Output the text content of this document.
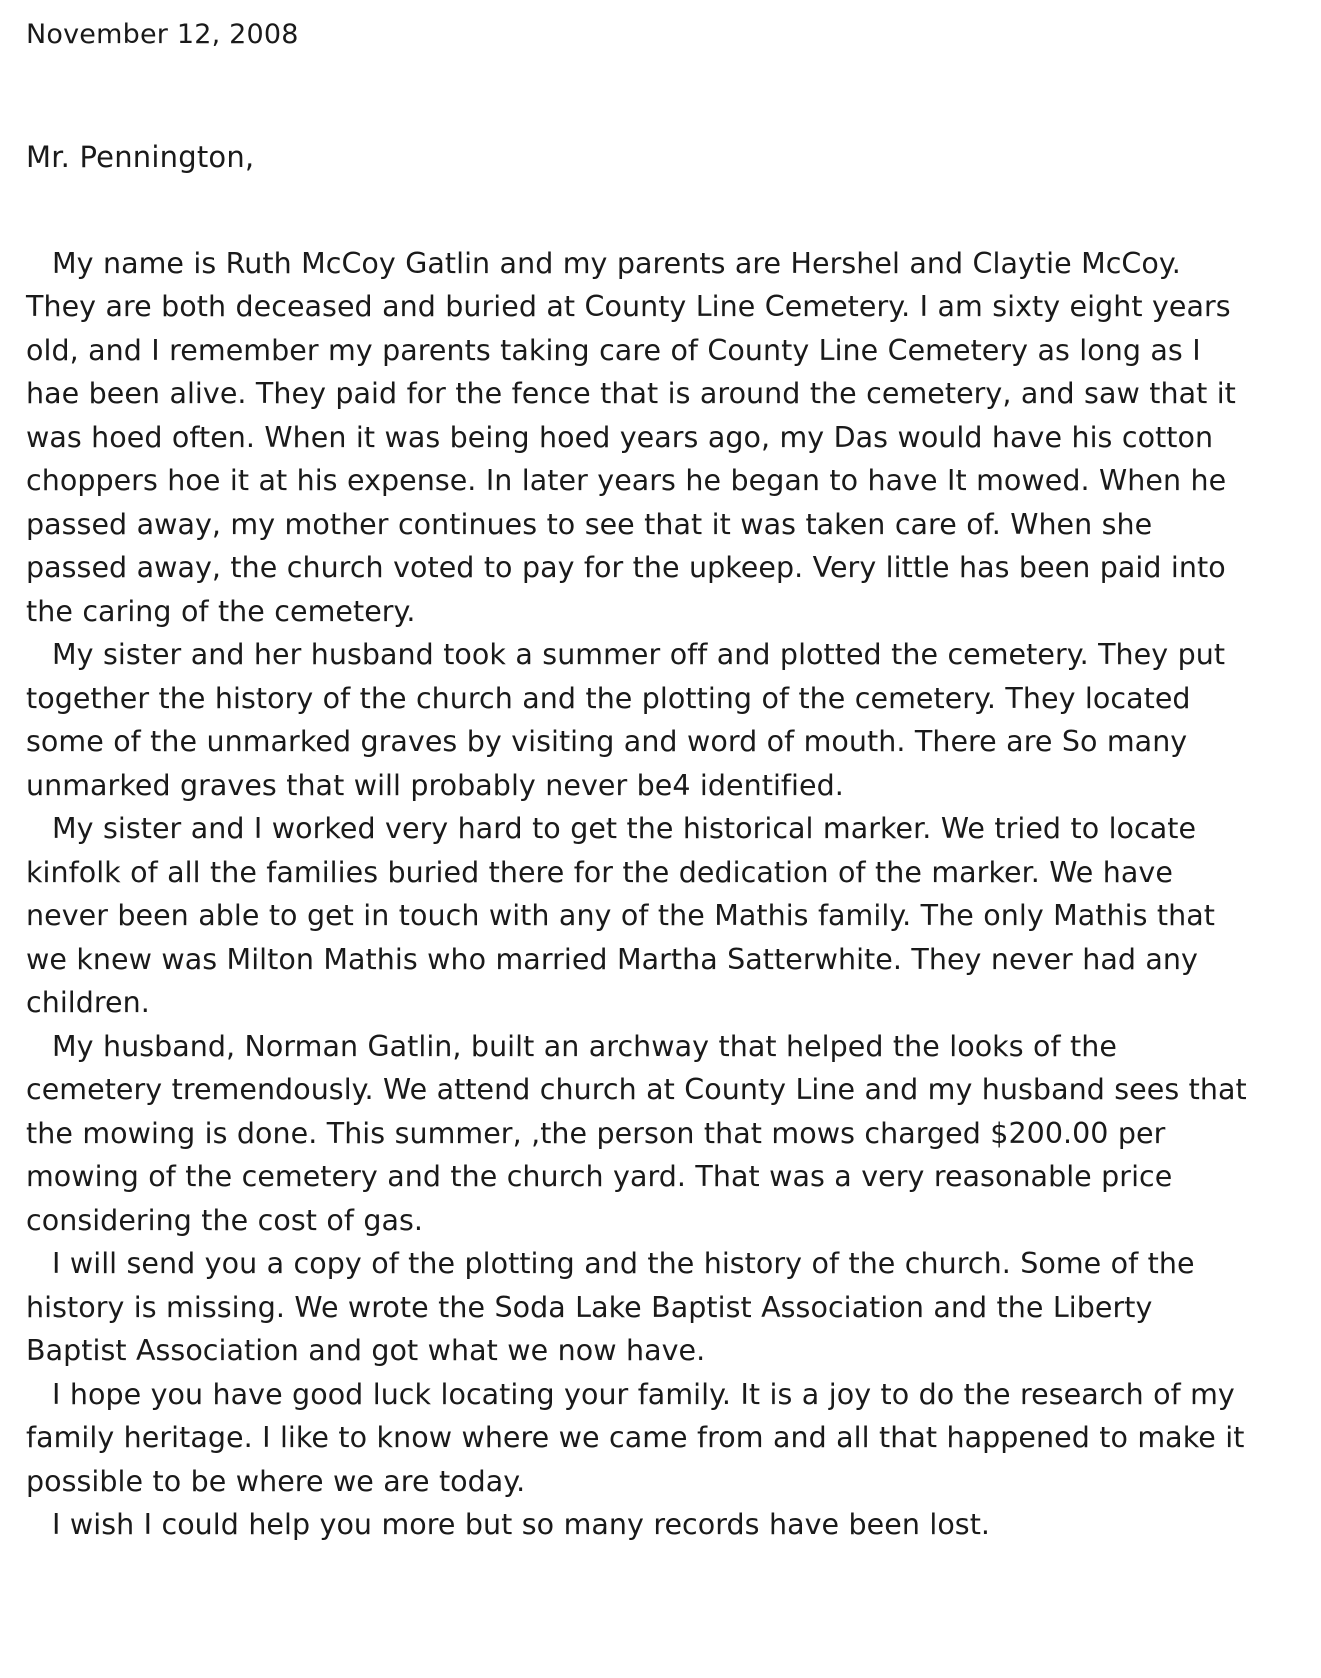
November 12, 2008
Mr. Pennington,

My name is Ruth McCoy Gatlin and my parents are Hershel and Claytie McCoy. They are both deceased and buried at County Line Cemetery. I am sixty eight years old, and I remember my parents taking care of County Line Cemetery as long as I hae been alive. They paid for the fence that is around the cemetery, and saw that it was hoed often. When it was being hoed years ago, my Das would have his cotton choppers hoe it at his expense. In later years he began to have It mowed. When he passed away, my mother continues to see that it was taken care of. When she passed away, the church voted to pay for the upkeep. Very little has been paid into the caring of the cemetery.

My sister and her husband took a summer off and plotted the cemetery. They put together the history of the church and the plotting of the cemetery. They located some of the unmarked graves by visiting and word of mouth. There are So many unmarked graves that will probably never be4 identified.

My sister and I worked very hard to get the historical marker. We tried to locate kinfolk of all the families buried there for the dedication of the marker. We have never been able to get in touch with any of the Mathis family. The only Mathis that we knew was Milton Mathis who married Martha Satterwhite. They never had any children.

My husband, Norman Gatlin, built an archway that helped the looks of the cemetery tremendously. We attend church at County Line and my husband sees that the mowing is done. This summer, ,the person that mows charged $200.00 per mowing of the cemetery and the church yard. That was a very reasonable price considering the cost of gas.

I will send you a copy of the plotting and the history of the church. Some of the history is missing. We wrote the Soda Lake Baptist Association and the Liberty Baptist Association and got what we now have.

I hope you have good luck locating your family. It is a joy to do the research of my family heritage. I like to know where we came from and all that happened to make it possible to be where we are today.

I wish I could help you more but so many records have been lost.
